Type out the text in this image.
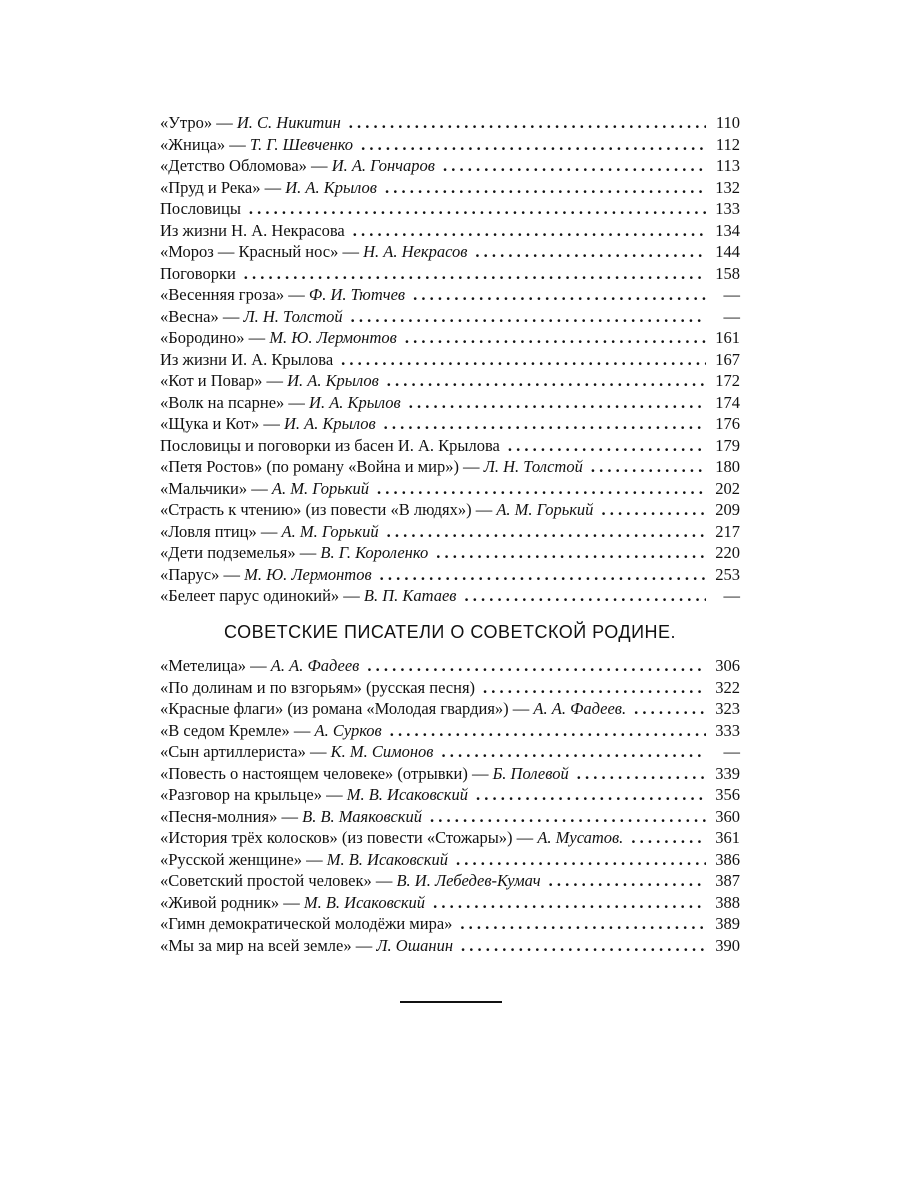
«Утро» — И. С. Никитин . . .	110
«Жница» — Т. Г. Шевченко . . .	112
«Детство Обломова» — И. А. Гончаров . . .	113
«Пруд и Река» — И. А. Крылов . . .	132
Пословицы . . .	133
Из жизни Н. А. Некрасова . . .	134
«Мороз — Красный нос» — Н. А. Некрасов . . .	144
Поговорки . . .	158
«Весенняя гроза» — Ф. И. Тютчев . . .	—
«Весна» — Л. Н. Толстой . . .	—
«Бородино» — М. Ю. Лермонтов . . .	161
Из жизни И. А. Крылова . . .	167
«Кот и Повар» — И. А. Крылов . . .	172
«Волк на псарне» — И. А. Крылов . . .	174
«Щука и Кот» — И. А. Крылов . . .	176
Пословицы и поговорки из басен И. А. Крылова . . .	179
«Петя Ростов» (по роману «Война и мир») — Л. Н. Толстой . . .	180
«Мальчики» — А. М. Горький . . .	202
«Страсть к чтению» (из повести «В людях») — А. М. Горький . . .	209
«Ловля птиц» — А. М. Горький . . .	217
«Дети подземелья» — В. Г. Короленко . . .	220
«Парус» — М. Ю. Лермонтов . . .	253
«Белеет парус одинокий» — В. П. Катаев . . .	—
СОВЕТСКИЕ ПИСАТЕЛИ О СОВЕТСКОЙ РОДИНЕ.
«Метелица» — А. А. Фадеев . . .	306
«По долинам и по взгорьям» (русская песня) . . .	322
«Красные флаги» (из романа «Молодая гвардия») — А. А. Фадеев. . . .	323
«В седом Кремле» — А. Сурков . . .	333
«Сын артиллериста» — К. М. Симонов . . .	—
«Повесть о настоящем человеке» (отрывки) — Б. Полевой . . .	339
«Разговор на крыльце» — М. В. Исаковский . . .	356
«Песня-молния» — В. В. Маяковский . . .	360
«История трёх колосков» (из повести «Стожары») — А. Мусатов. . . .	361
«Русской женщине» — М. В. Исаковский . . .	386
«Советский простой человек» — В. И. Лебедев-Кумач . . .	387
«Живой родник» — М. В. Исаковский . . .	388
«Гимн демократической молодёжи мира» . . .	389
«Мы за мир на всей земле» — Л. Ошанин . . .	390
